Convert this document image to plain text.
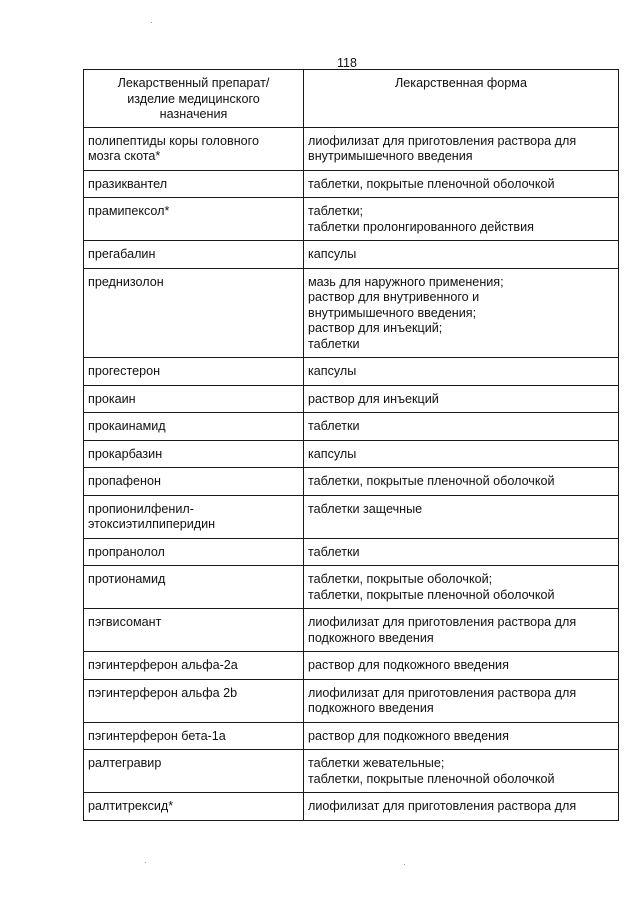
118
Лекарственный препарат/
изделие медицинского
назначения	Лекарственная форма
полипептиды коры головного
мозга скота*	лиофилизат для приготовления раствора для
внутримышечного введения
празиквантел	таблетки, покрытые пленочной оболочкой
прамипексол*	таблетки;
таблетки пролонгированного действия
прегабалин	капсулы
преднизолон	мазь для наружного применения;
раствор для внутривенного и
внутримышечного введения;
раствор для инъекций;
таблетки
прогестерон	капсулы
прокаин	раствор для инъекций
прокаинамид	таблетки
прокарбазин	капсулы
пропафенон	таблетки, покрытые пленочной оболочкой
пропионилфенил-
этоксиэтилпиперидин	таблетки защечные
пропранолол	таблетки
протионамид	таблетки, покрытые оболочкой;
таблетки, покрытые пленочной оболочкой
пэгвисомант	лиофилизат для приготовления раствора для
подкожного введения
пэгинтерферон альфа-2а	раствор для подкожного введения
пэгинтерферон альфа 2b	лиофилизат для приготовления раствора для
подкожного введения
пэгинтерферон бета-1а	раствор для подкожного введения
ралтегравир	таблетки жевательные;
таблетки, покрытые пленочной оболочкой
ралтитрексид*	лиофилизат для приготовления раствора для
